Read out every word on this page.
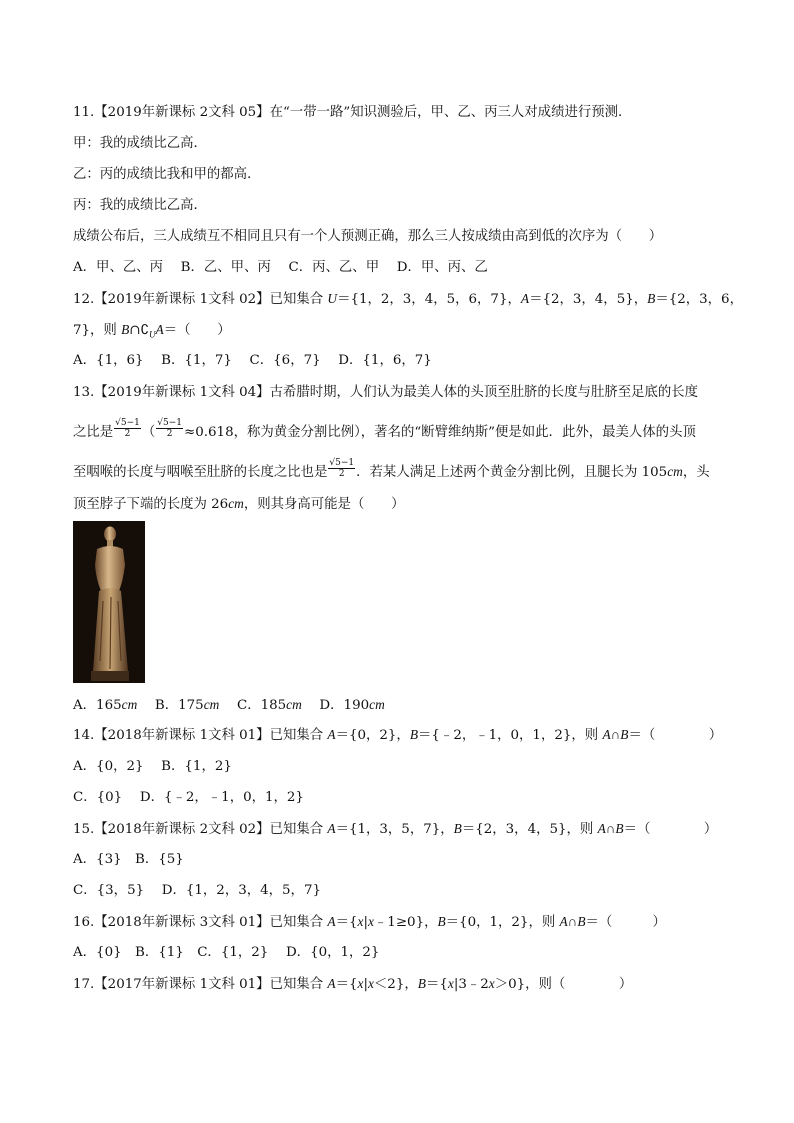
11.【2019年新课标 2文科 05】在“一带一路”知识测验后，甲、乙、丙三人对成绩进行预测．
甲：我的成绩比乙高．
乙：丙的成绩比我和甲的都高．
丙：我的成绩比乙高．
成绩公布后，三人成绩互不相同且只有一个人预测正确，那么三人按成绩由高到低的次序为（　　）
A．甲、乙、丙　 B．乙、甲、丙　 C．丙、乙、甲　 D．甲、丙、乙
12.【2019年新课标 1文科 02】已知集合 U＝{1，2，3，4，5，6，7}，A＝{2，3，4，5}，B＝{2，3，6，
7}，则 $B\cap∁_UA=$（　　）
A．{1，6}　 B．{1，7}　 C．{6，7}　 D．{1，6，7}
13.【2019年新课标 1文科 04】古希腊时期，人们认为最美人体的头顶至肚脐的长度与肚脐至足底的长度
之比是 $\frac{√5-1}{2}$ （ $\frac{√5-1}{2} \approx 0.618$，称为黄金分割比例），著名的“断臂维纳斯”便是如此．此外，最美人体的头顶
至咽喉的长度与咽喉至肚脐的长度之比也是 $\frac{√5-1}{2}$ ．若某人满足上述两个黄金分割比例，且腿长为 105cm，头
顶至脖子下端的长度为 26cm，则其身高可能是（　　）
A．165cm　 B．175cm　 C．185cm　 D．190cm
14.【2018年新课标 1文科 01】已知集合 A＝{0，2}，B＝{﹣2，﹣1，0，1，2}，则 A∩B＝（　　　　）
A．{0，2}　 B．{1，2}
C．{0}　 D．{﹣2，﹣1，0，1，2}
15.【2018年新课标 2文科 02】已知集合 A＝{1，3，5，7}，B＝{2，3，4，5}，则 A∩B＝（　　　　）
A．{3}　B．{5}
C．{3，5}　 D．{1，2，3，4，5，7}
16.【2018年新课标 3文科 01】已知集合 A＝{x|x﹣1≥0}，B＝{0，1，2}，则 A∩B＝（　　　）
A．{0}　B．{1}　C．{1，2}　 D．{0，1，2}
17.【2017年新课标 1文科 01】已知集合 A＝{x|x＜2}，B＝{x|3﹣2x＞0}，则（　　　　）
